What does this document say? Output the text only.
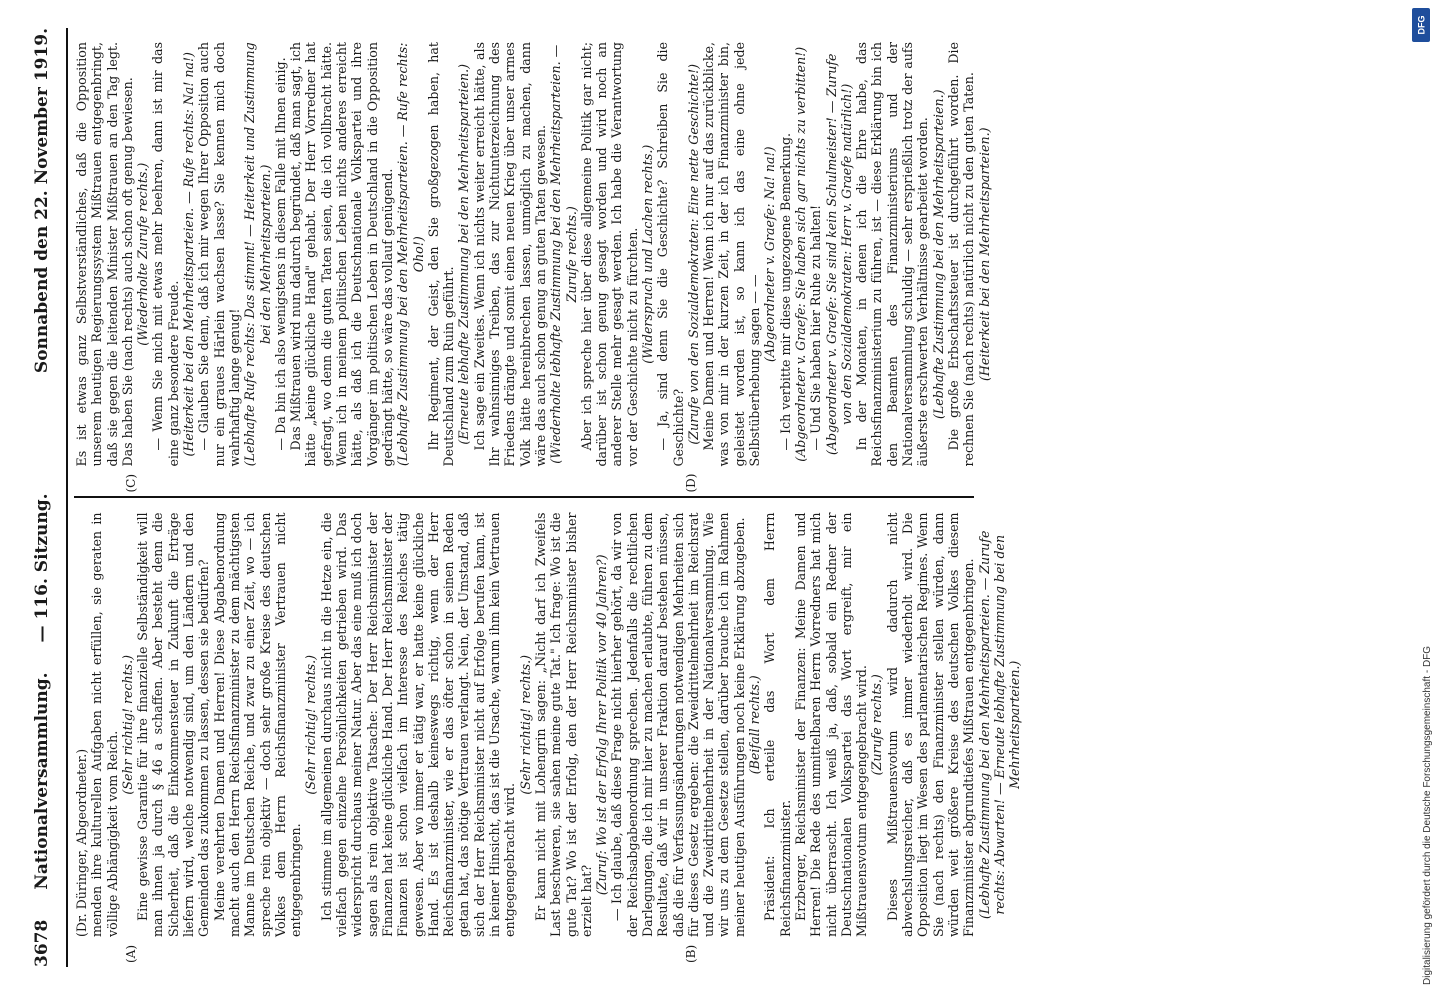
3678
Nationalversammlung.
— 116. Sitzung.
Sonnabend den 22. November 1919.
(A)	(B)

(Dr. Düringer, Abgeordneter.) menden ihre kulturellen Aufgaben nicht erfüllen, sie geraten in völlige Abhängigkeit vom Reich.

(Sehr richtig! rechts.) Eine gewisse Garantie für ihre finanzielle Selbständigkeit will man ihnen ja durch § 46 a schaffen. Aber besteht denn die Sicherheit, daß die Einkommensteuer in Zukunft die Erträge liefern wird, welche notwendig sind, um den Ländern und den Gemeinden das zukommen zu lassen, dessen sie bedürfen? Meine verehrten Damen und Herren! Diese Abgabenordnung macht auch den Herrn Reichsfinanzminister zu dem mächtigsten Manne im Deutschen Reiche, und zwar zu einer Zeit, wo — ich spreche rein objektiv — doch sehr große Kreise des deutschen Volkes dem Herrn Reichsfinanzminister Vertrauen nicht entgegenbringen.

(Sehr richtig! rechts.) Ich stimme im allgemeinen durchaus nicht in die Hetze ein, die vielfach gegen einzelne Persönlichkeiten getrieben wird. Das widerspricht durchaus meiner Natur. Aber das eine muß ich doch sagen als rein objektive Tatsache: Der Herr Reichsminister der Finanzen hat keine glückliche Hand. Der Herr Reichsminister der Finanzen ist schon vielfach im Interesse des Reiches tätig gewesen. Aber wo immer er tätig war, er hatte keine glückliche Hand. Es ist deshalb keineswegs richtig, wenn der Herr Reichsfinanzminister, wie er das öfter schon in seinen Reden getan hat, das nötige Vertrauen verlangt. Nein, der Umstand, daß sich der Herr Reichsminister nicht auf Erfolge berufen kann, ist in keiner Hinsicht, das ist die Ursache, warum ihm kein Vertrauen entgegengebracht wird.

(Sehr richtig! rechts.) Er kann nicht mit Lohengrin sagen: „Nicht darf ich Zweifels Last beschweren, sie sahen meine gute Tat." Ich frage: Wo ist die gute Tat? Wo ist der Erfolg, den der Herr Reichsminister bisher erzielt hat?

(Zuruf: Wo ist der Erfolg Ihrer Politik vor 40 Jahren?) — Ich glaube, daß diese Frage nicht hierher gehört, da wir von der Reichsabgabenordnung sprechen. Jedenfalls die rechtlichen Darlegungen, die ich mir hier zu machen erlaubte, führen zu dem Resultate, daß wir in unserer Fraktion darauf bestehen müssen, daß die für Verfassungsänderungen notwendigen Mehrheiten sich für dieses Gesetz ergeben: die Zweidrittelmehrheit im Reichsrat und die Zweidrittelmehrheit in der Nationalversammlung. Wie wir uns zu dem Gesetze stellen, darüber brauche ich im Rahmen meiner heutigen Ausführungen noch keine Erklärung abzugeben. (Beifall rechts.) Präsident: Ich erteile das Wort dem Herrn Reichsfinanzminister. Erzberger, Reichsminister der Finanzen: Meine Damen und Herren! Die Rede des unmittelbaren Herrn Vorredners hat mich nicht überrascht. Ich weiß ja, daß, sobald ein Redner der Deutschnationalen Volkspartei das Wort ergreift, mir ein Mißtrauensvotum entgegengebracht wird. (Zurufe rechts.) Dieses Mißtrauensvotum wird dadurch nicht abwechslungsreicher, daß es immer wiederholt wird. Die Opposition liegt im Wesen des parlamentarischen Regimes. Wenn Sie (nach rechts) den Finanzminister stellen würden, dann würden weit größere Kreise des deutschen Volkes diesem Finanzminister abgrundtiefes Mißtrauen entgegenbringen. (Lebhafte Zustimmung bei den Mehrheitsparteien. — Zurufe rechts: Abwarten! — Erneute lebhafte Zustimmung bei den Mehrheitsparteien.)

(C)	(D)

Es ist etwas ganz Selbstverständliches, daß die Opposition unserem heutigen Regierungssystem Mißtrauen entgegenbringt, daß sie gegen die leitenden Minister Mißtrauen an den Tag legt. Das haben Sie (nach rechts) auch schon oft genug bewiesen. (Wiederholte Zurufe rechts.) — Wenn Sie mich mit etwas mehr beehren, dann ist mir das eine ganz besondere Freude. (Heiterkeit bei den Mehrheitsparteien. — Rufe rechts: Na! na!) — Glauben Sie denn, daß ich mir wegen Ihrer Opposition auch nur ein graues Härlein wachsen lasse? Sie kennen mich doch wahrhaftig lange genug! (Lebhafte Rufe rechts: Das stimmt! — Heiterkeit und Zustimmung bei den Mehrheitsparteien.) — Da bin ich also wenigstens in diesem Falle mit Ihnen einig. Das Mißtrauen wird nun dadurch begründet, daß man sagt, ich hätte „keine glückliche Hand" gehabt. Der Herr Vorredner hat gefragt, wo denn die guten Taten seien, die ich vollbracht hätte. Wenn ich in meinem politischen Leben nichts anderes erreicht hätte, als daß ich die Deutschnationale Volkspartei und ihre Vorgänger im politischen Leben in Deutschland in die Opposition gedrängt hätte, so wäre das vollauf genügend. (Lebhafte Zustimmung bei den Mehrheitsparteien. — Rufe rechts: Oho!) Ihr Regiment, der Geist, den Sie großgezogen haben, hat Deutschland zum Ruin geführt. (Erneute lebhafte Zustimmung bei den Mehrheitsparteien.) Ich sage ein Zweites. Wenn ich nichts weiter erreicht hätte, als Ihr wahnsinniges Treiben, das zur Nichtunterzeichnung des Friedens drängte und somit einen neuen Krieg über unser armes Volk hätte hereinbrechen lassen, unmöglich zu machen, dann wäre das auch schon genug an guten Taten gewesen. (Wiederholte lebhafte Zustimmung bei den Mehrheitsparteien. — Zurufe rechts.) Aber ich spreche hier über diese allgemeine Politik gar nicht; darüber ist schon genug gesagt worden und wird noch an anderer Stelle mehr gesagt werden. Ich habe die Verantwortung vor der Geschichte nicht zu fürchten. (Widerspruch und Lachen rechts.) — Ja, sind denn Sie die Geschichte? Schreiben Sie die Geschichte? (Zurufe von den Sozialdemokraten: Eine nette Geschichte!) Meine Damen und Herren! Wenn ich nur auf das zurückblicke, was von mir in der kurzen Zeit, in der ich Finanzminister bin, geleistet worden ist, so kann ich das eine ohne jede Selbstüberhebung sagen — —

(Abgeordneter v. Graefe: Na! na!) — Ich verbitte mir diese ungezogene Bemerkung. (Abgeordneter v. Graefe: Sie haben sich gar nichts zu verbitten!) — Und Sie haben hier Ruhe zu halten! (Abgeordneter v. Graefe: Sie sind kein Schulmeister! — Zurufe von den Sozialdemokraten: Herr v. Graefe natürlich!) In der Monaten, in denen ich die Ehre habe, das Reichsfinanzministerium zu führen, ist — diese Erklärung bin ich den Beamten des Finanzministeriums und der Nationalversammlung schuldig — sehr ersprießlich trotz der aufs äußerste erschwerten Verhältnisse gearbeitet worden. (Lebhafte Zustimmung bei den Mehrheitsparteien.) Die große Erbschaftssteuer ist durchgeführt worden. Die rechnen Sie (nach rechts) natürlich nicht zu den guten Taten. (Heiterkeit bei den Mehrheitsparteien.)

DFG
Digitalisierung gefördert durch die Deutsche Forschungsgemeinschaft - DFG
